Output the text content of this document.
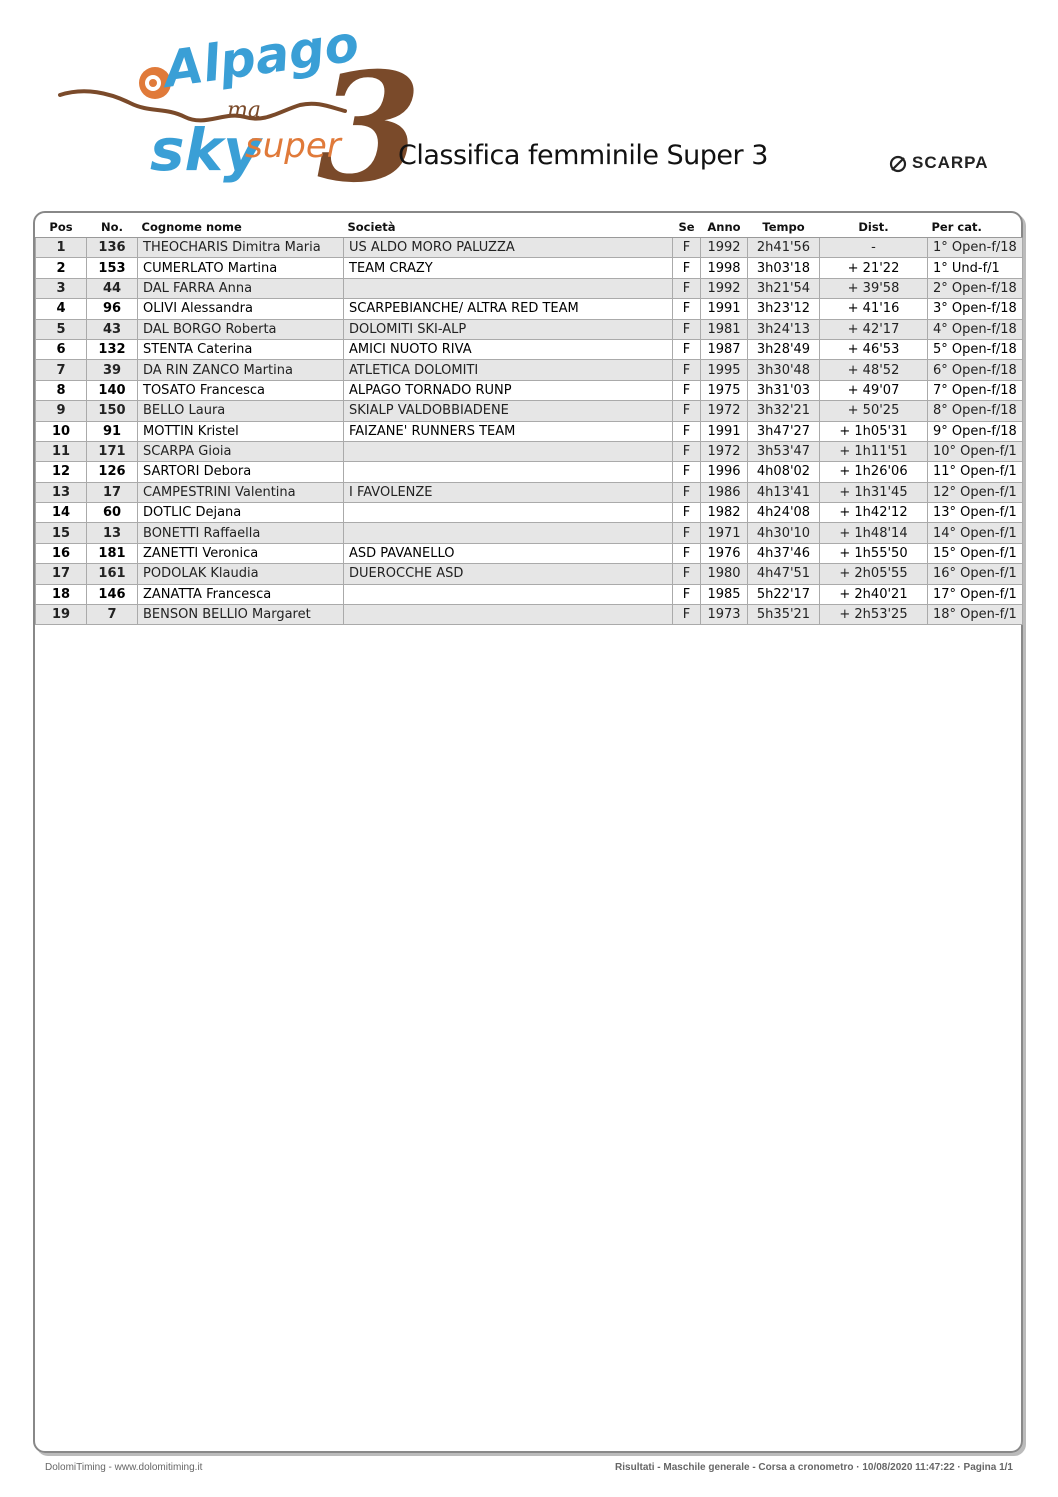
3
Alpago
ma
sky
super Classifica femminile Super 3	SCARPA
Pos	No.	Cognome nome	Società	Se	Anno	Tempo	Dist.	Per cat.
1	136	THEOCHARIS Dimitra Maria	US ALDO MORO PALUZZA	F	1992	2h41'56	-	1° Open-f/18
2	153	CUMERLATO Martina	TEAM CRAZY	F	1998	3h03'18	+ 21'22	1° Und-f/1
3	44	DAL FARRA Anna		F	1992	3h21'54	+ 39'58	2° Open-f/18
4	96	OLIVI Alessandra	SCARPEBIANCHE/ ALTRA RED TEAM	F	1991	3h23'12	+ 41'16	3° Open-f/18
5	43	DAL BORGO Roberta	DOLOMITI SKI-ALP	F	1981	3h24'13	+ 42'17	4° Open-f/18
6	132	STENTA Caterina	AMICI NUOTO RIVA	F	1987	3h28'49	+ 46'53	5° Open-f/18
7	39	DA RIN ZANCO Martina	ATLETICA DOLOMITI	F	1995	3h30'48	+ 48'52	6° Open-f/18
8	140	TOSATO Francesca	ALPAGO TORNADO RUNP	F	1975	3h31'03	+ 49'07	7° Open-f/18
9	150	BELLO Laura	SKIALP VALDOBBIADENE	F	1972	3h32'21	+ 50'25	8° Open-f/18
10	91	MOTTIN Kristel	FAIZANE' RUNNERS TEAM	F	1991	3h47'27	+ 1h05'31	9° Open-f/18
11	171	SCARPA Gioia		F	1972	3h53'47	+ 1h11'51	10° Open-f/1
12	126	SARTORI Debora		F	1996	4h08'02	+ 1h26'06	11° Open-f/1
13	17	CAMPESTRINI Valentina	I FAVOLENZE	F	1986	4h13'41	+ 1h31'45	12° Open-f/1
14	60	DOTLIC Dejana		F	1982	4h24'08	+ 1h42'12	13° Open-f/1
15	13	BONETTI Raffaella		F	1971	4h30'10	+ 1h48'14	14° Open-f/1
16	181	ZANETTI Veronica	ASD PAVANELLO	F	1976	4h37'46	+ 1h55'50	15° Open-f/1
17	161	PODOLAK Klaudia	DUEROCCHE ASD	F	1980	4h47'51	+ 2h05'55	16° Open-f/1
18	146	ZANATTA Francesca		F	1985	5h22'17	+ 2h40'21	17° Open-f/1
19	7	BENSON BELLIO Margaret		F	1973	5h35'21	+ 2h53'25	18° Open-f/1
DolomiTiming - www.dolomitiming.it	Risultati - Maschile generale - Corsa a cronometro · 10/08/2020 11:47:22 · Pagina 1/1
